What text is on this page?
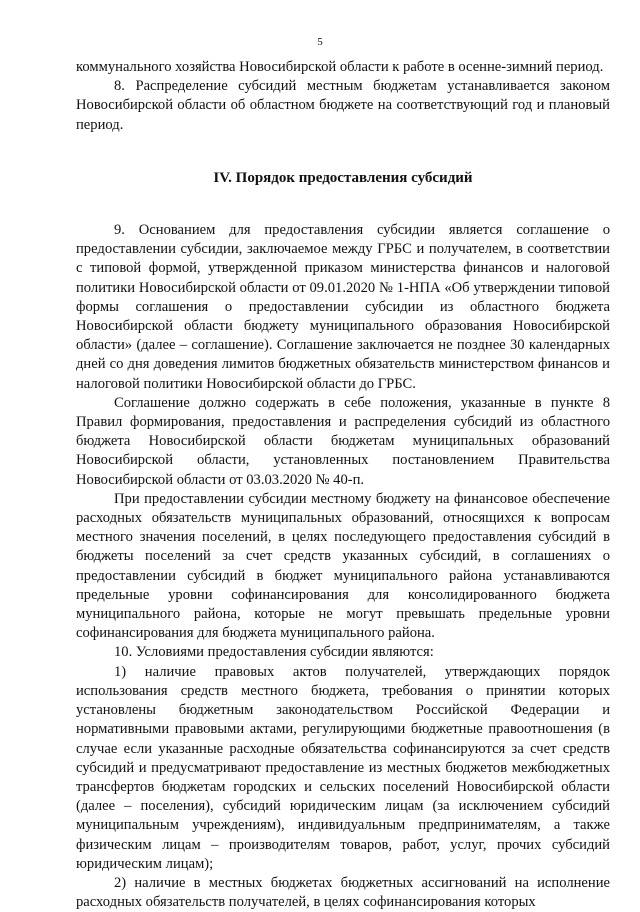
5

коммунального хозяйства Новосибирской области к работе в осенне-зимний период.

8. Распределение субсидий местным бюджетам устанавливается законом Новосибирской области об областном бюджете на соответствующий год и плановый период.

IV. Порядок предоставления субсидий

9. Основанием для предоставления субсидии является соглашение о предоставлении субсидии, заключаемое между ГРБС и получателем, в соответствии с типовой формой, утвержденной приказом министерства финансов и налоговой политики Новосибирской области от 09.01.2020 № 1-НПА «Об утверждении типовой формы соглашения о предоставлении субсидии из областного бюджета Новосибирской области бюджету муниципального образования Новосибирской области» (далее – соглашение). Соглашение заключается не позднее 30 календарных дней со дня доведения лимитов бюджетных обязательств министерством финансов и налоговой политики Новосибирской области до ГРБС.

Соглашение должно содержать в себе положения, указанные в пункте 8 Правил формирования, предоставления и распределения субсидий из областного бюджета Новосибирской области бюджетам муниципальных образований Новосибирской области, установленных постановлением Правительства Новосибирской области от 03.03.2020 № 40-п.

При предоставлении субсидии местному бюджету на финансовое обеспечение расходных обязательств муниципальных образований, относящихся к вопросам местного значения поселений, в целях последующего предоставления субсидий в бюджеты поселений за счет средств указанных субсидий, в соглашениях о предоставлении субсидий в бюджет муниципального района устанавливаются предельные уровни софинансирования для консолидированного бюджета муниципального района, которые не могут превышать предельные уровни софинансирования для бюджета муниципального района.

10. Условиями предоставления субсидии являются:

1) наличие правовых актов получателей, утверждающих порядок использования средств местного бюджета, требования о принятии которых установлены бюджетным законодательством Российской Федерации и нормативными правовыми актами, регулирующими бюджетные правоотношения (в случае если указанные расходные обязательства софинансируются за счет средств субсидий и предусматривают предоставление из местных бюджетов межбюджетных трансфертов бюджетам городских и сельских поселений Новосибирской области (далее – поселения), субсидий юридическим лицам (за исключением субсидий муниципальным учреждениям), индивидуальным предпринимателям, а также физическим лицам – производителям товаров, работ, услуг, прочих субсидий юридическим лицам);

2) наличие в местных бюджетах бюджетных ассигнований на исполнение расходных обязательств получателей, в целях софинансирования которых
